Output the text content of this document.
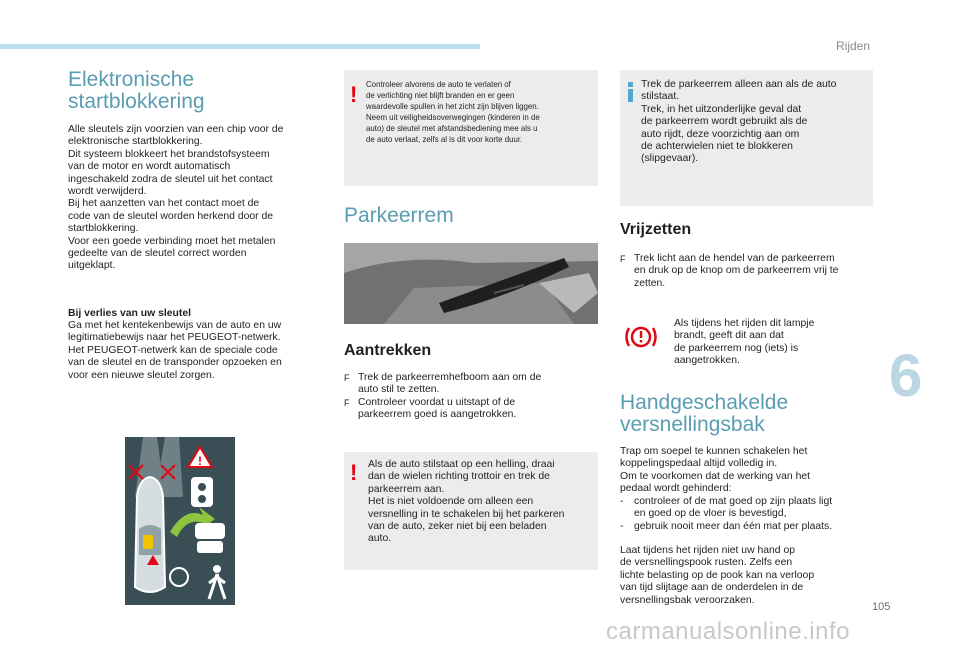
Rijden
6
105
Elektronische
startblokkering
Alle sleutels zijn voorzien van een chip voor de
elektronische startblokkering.
Dit systeem blokkeert het brandstofsysteem
van de motor en wordt automatisch
ingeschakeld zodra de sleutel uit het contact
wordt verwijderd.
Bij het aanzetten van het contact moet de
code van de sleutel worden herkend door de
startblokkering.
Voor een goede verbinding moet het metalen
gedeelte van de sleutel correct worden
uitgeklapt.
Bij verlies van uw sleutel
Ga met het kentekenbewijs van de auto en uw
legitimatiebewijs naar het PEUGEOT-netwerk.
Het PEUGEOT-netwerk kan de speciale code
van de sleutel en de transponder opzoeken en
voor een nieuwe sleutel zorgen.
!
! Controleer alvorens de auto te verlaten of
de verlichting niet blijft branden en er geen
waardevolle spullen in het zicht zijn blijven liggen.
Neem uit veiligheidsoverwegingen (kinderen in de
auto) de sleutel met afstandsbediening mee als u
de auto verlaat, zelfs al is dit voor korte duur.
Parkeerrem
Aantrekken
F Trek de parkeerremhefboom aan om de
auto stil te zetten.
F Controleer voordat u uitstapt of de
parkeerrem goed is aangetrokken.
! Als de auto stilstaat op een helling, draai
dan de wielen richting trottoir en trek de
parkeerrem aan.
Het is niet voldoende om alleen een
versnelling in te schakelen bij het parkeren
van de auto, zeker niet bij een beladen
auto.
Trek de parkeerrem alleen aan als de auto
stilstaat.
Trek, in het uitzonderlijke geval dat
de parkeerrem wordt gebruikt als de
auto rijdt, deze voorzichtig aan om
de achterwielen niet te blokkeren
(slipgevaar).
Vrijzetten
F Trek licht aan de hendel van de parkeerrem
en druk op de knop om de parkeerrem vrij te
zetten.
Als tijdens het rijden dit lampje
brandt, geeft dit aan dat
de parkeerrem nog (iets) is
aangetrokken.
Handgeschakelde
versnellingsbak
Trap om soepel te kunnen schakelen het
koppelingspedaal altijd volledig in.
Om te voorkomen dat de werking van het
pedaal wordt gehinderd:
- controleer of de mat goed op zijn plaats ligt
en goed op de vloer is bevestigd,
- gebruik nooit meer dan één mat per plaats.
Laat tijdens het rijden niet uw hand op
de versnellingspook rusten. Zelfs een
lichte belasting op de pook kan na verloop
van tijd slijtage aan de onderdelen in de
versnellingsbak veroorzaken.
carmanualsonline.info
